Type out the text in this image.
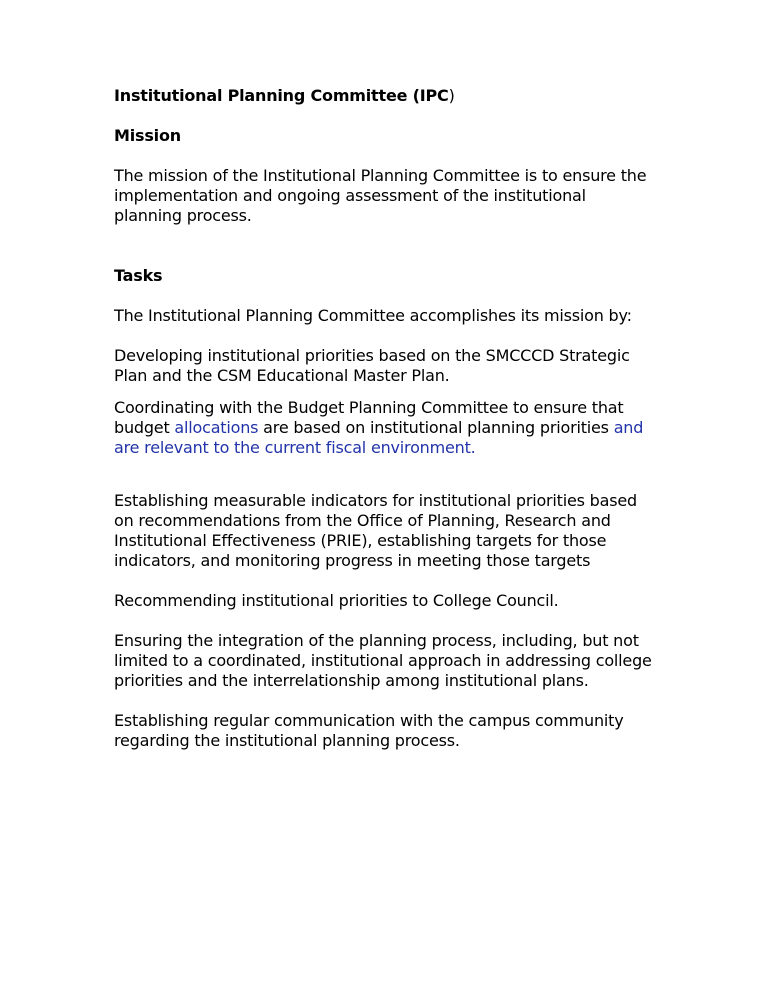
Institutional Planning Committee (IPC)

Mission

The mission of the Institutional Planning Committee is to ensure the implementation and ongoing assessment of the institutional planning process.

Tasks

The Institutional Planning Committee accomplishes its mission by:

Developing institutional priorities based on the SMCCCD Strategic Plan and the CSM Educational Master Plan.

Coordinating with the Budget Planning Committee to ensure that budget allocations are based on institutional planning priorities and are relevant to the current fiscal environment.

Establishing measurable indicators for institutional priorities based on recommendations from the Office of Planning, Research and Institutional Effectiveness (PRIE), establishing targets for those indicators, and monitoring progress in meeting those targets

Recommending institutional priorities to College Council.

Ensuring the integration of the planning process, including, but not limited to a coordinated, institutional approach in addressing college priorities and the interrelationship among institutional plans.

Establishing regular communication with the campus community regarding the institutional planning process.
